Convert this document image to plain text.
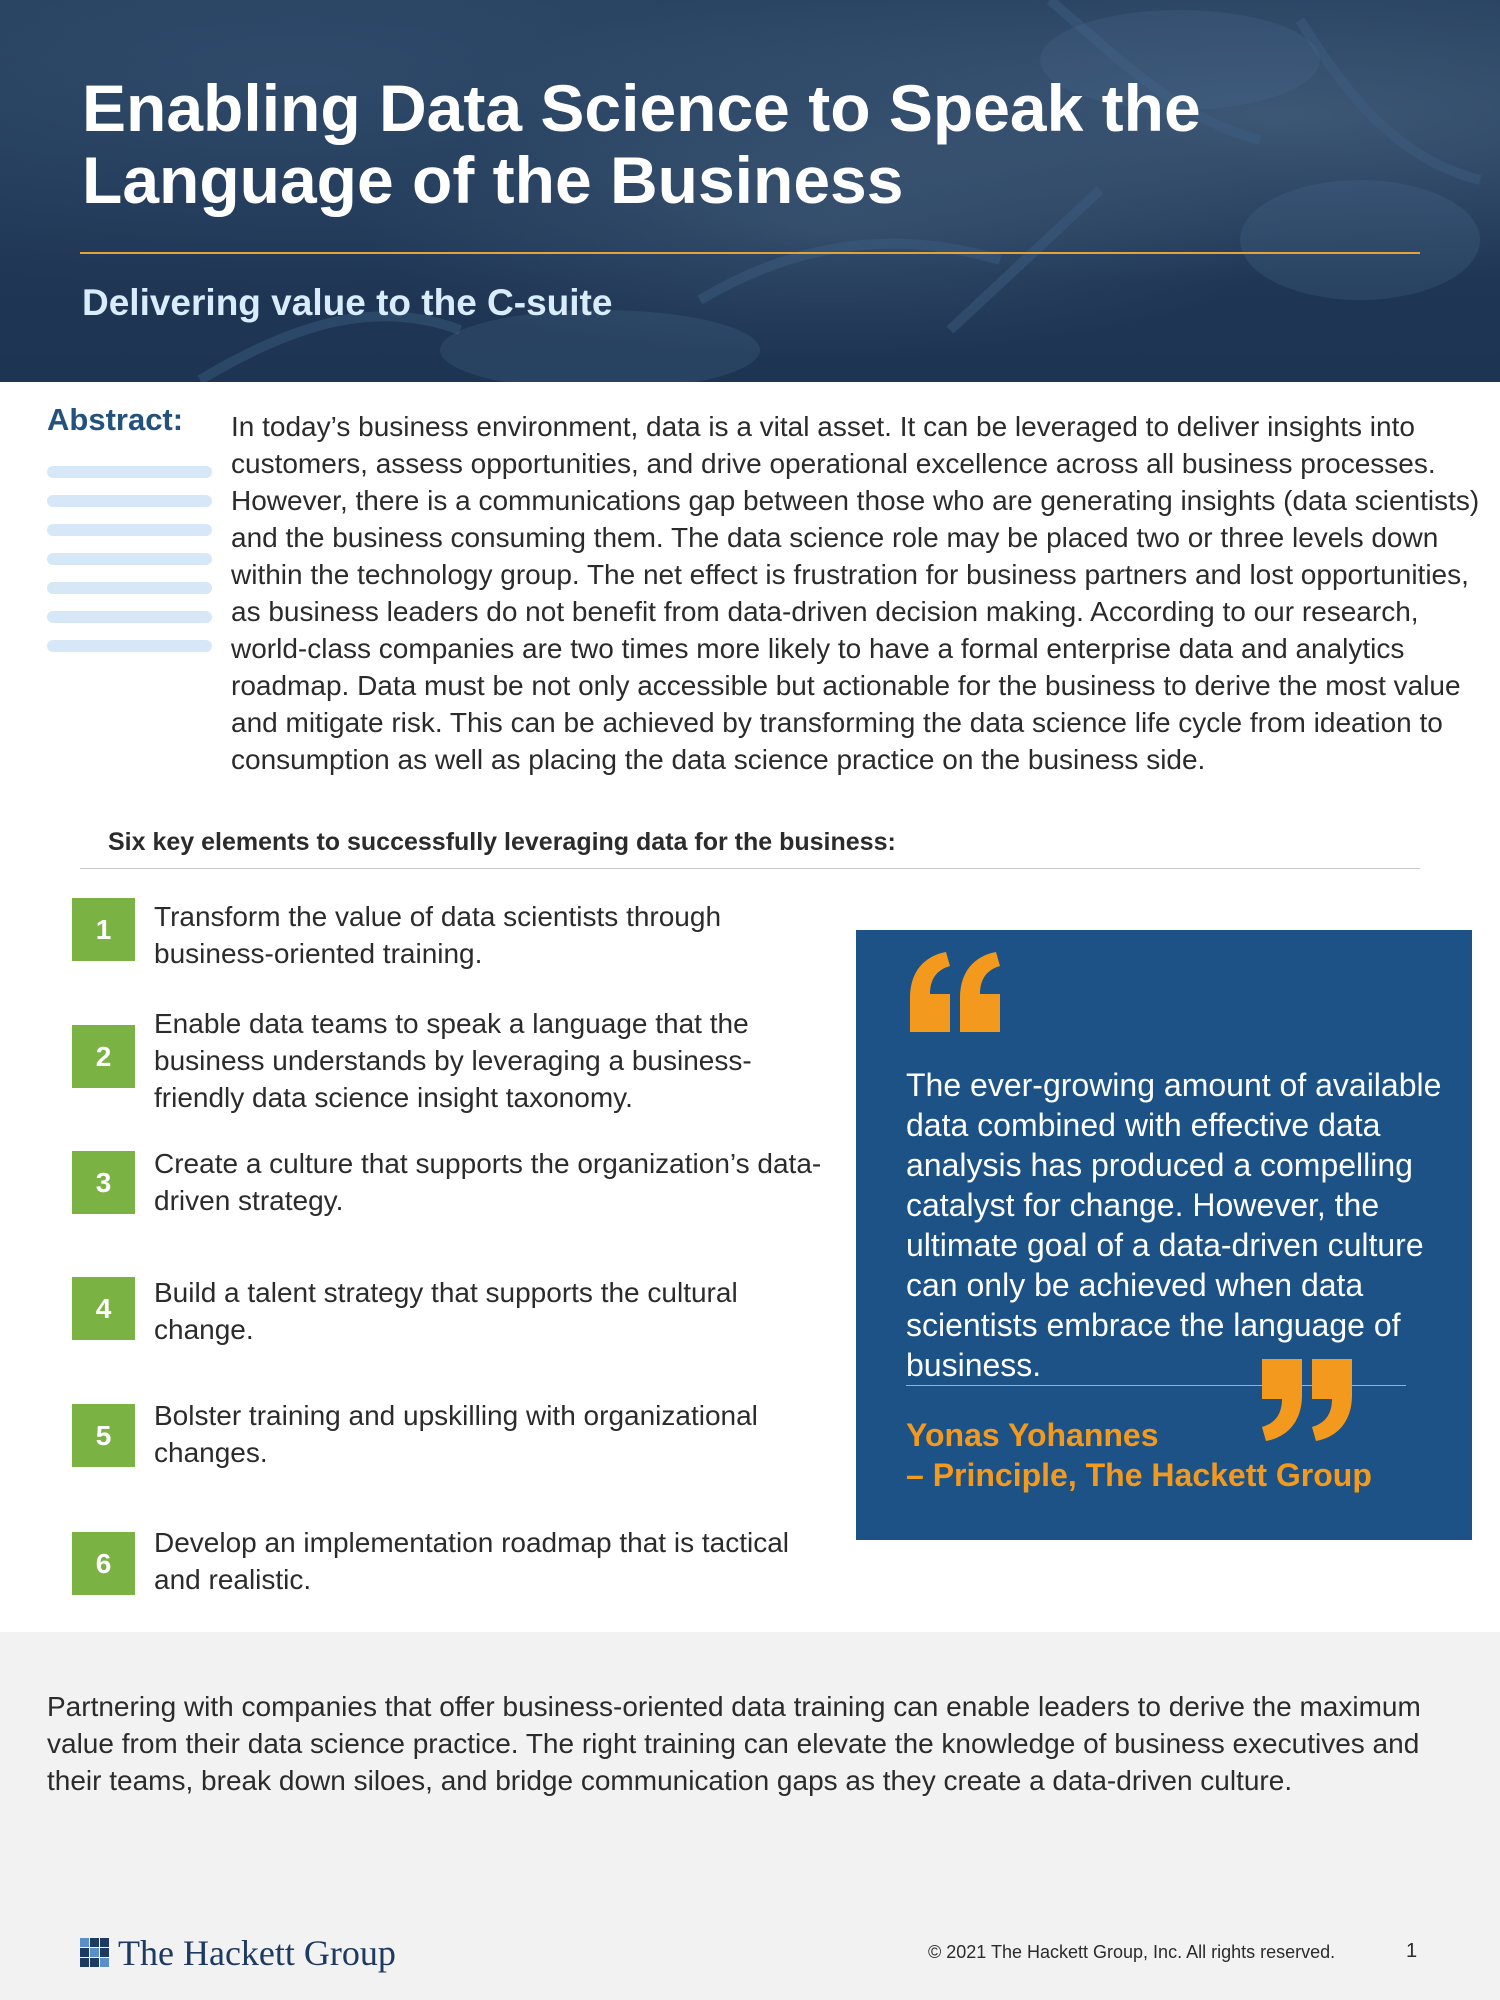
Enabling Data Science to Speak the Language of the Business
Delivering value to the C-suite
Abstract: In today’s business environment, data is a vital asset. It can be leveraged to deliver insights into customers, assess opportunities, and drive operational excellence across all business processes. However, there is a communications gap between those who are generating insights (data scientists) and the business consuming them. The data science role may be placed two or three levels down within the technology group. The net effect is frustration for business partners and lost opportunities, as business leaders do not benefit from data-driven decision making. According to our research, world-class companies are two times more likely to have a formal enterprise data and analytics roadmap. Data must be not only accessible but actionable for the business to derive the most value and mitigate risk. This can be achieved by transforming the data science life cycle from ideation to consumption as well as placing the data science practice on the business side.

Six key elements to successfully leveraging data for the business:
1	Transform the value of data scientists through business-oriented training.
2
Enable data teams to speak a language that the business understands by leveraging a business-friendly data science insight taxonomy.
3
Create a culture that supports the organization’s data-driven strategy.
4
Build a talent strategy that supports the cultural change.
5
Bolster training and upskilling with organizational changes.
6
Develop an implementation roadmap that is tactical and realistic.

The ever-growing amount of available data combined with effective data analysis has produced a compelling catalyst for change. However, the ultimate goal of a data-driven culture can only be achieved when data scientists embrace the language of business.

Yonas Yohannes
– Principle, The Hackett Group

Partnering with companies that offer business-oriented data training can enable leaders to derive the maximum value from their data science practice. The right training can elevate the knowledge of business executives and their teams, break down siloes, and bridge communication gaps as they create a data-driven culture.

The Hackett Group	© 2021 The Hackett Group, Inc. All rights reserved.	1
